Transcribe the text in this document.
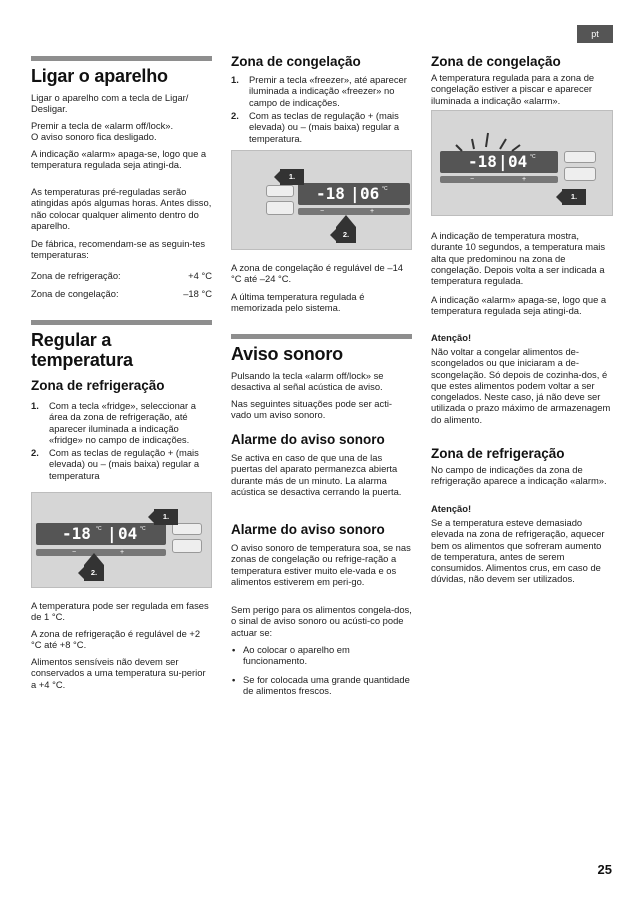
pt
Ligar o aparelho

Ligar o aparelho com a tecla de Ligar/ Desligar.

Premir a tecla de «alarm off/lock».

O aviso sonoro fica desligado.

A indicação «alarm» apaga-se, logo que a temperatura regulada seja atingi-da.

As temperaturas pré-reguladas serão atingidas após algumas horas. Antes disso, não colocar qualquer alimento dentro do aparelho.

De fábrica, recomendam-se as seguin-tes temperaturas:

Zona de refrigeração:	+4 °C
Zona de congelação:	–18 °C
Regular a
temperatura
Zona de refrigeração
1.	Com a tecla «fridge», seleccionar a área da zona de refrigeração, até aparecer iluminada a indicação «fridge» no campo de indicações.
2.	Com as teclas de regulação + (mais elevada) ou – (mais baixa) regular a temperatura
-18 °C | 04 °C
−	+
1.
2.

A temperatura pode ser regulada em fases de 1 °C.

A zona de refrigeração é regulável de +2 °C até +8 °C.

Alimentos sensíveis não devem ser conservados a uma temperatura su-perior a +4 °C.

Zona de congelação
1.	Premir a tecla «freezer», até aparecer iluminada a indicação «freezer» no campo de indicações.
2.	Com as teclas de regulação + (mais elevada) ou – (mais baixa) regular a temperatura.
-18 | 06 °C
−	+
1.
2.

A zona de congelação é regulável de –14 °C até –24 °C.

A última temperatura regulada é memorizada pelo sistema.

Aviso sonoro

Pulsando la tecla «alarm off/lock» se desactiva al señal acústica de aviso.

Nas seguintes situações pode ser acti-vado um aviso sonoro.

Alarme do aviso sonoro

Se activa en caso de que una de las puertas del aparato permanezca abierta durante más de un minuto. La alarma acústica se desactiva cerrando la puerta.

Alarme do aviso sonoro

O aviso sonoro de temperatura soa, se nas zonas de congelação ou refrige-ração a temperatura estiver muito ele-vada e os alimentos estiverem em peri-go.

Sem perigo para os alimentos congela-dos, o sinal de aviso sonoro ou acústi-co pode actuar se:

• Ao colocar o aparelho em funcionamento.
• Se for colocada uma grande quantidade de alimentos frescos.
Zona de congelação

A temperatura regulada para a zona de congelação estiver a piscar e aparecer iluminada a indicação «alarm».

-18 | 04 °C
−	+
1.

A indicação de temperatura mostra, durante 10 segundos, a temperatura mais alta que predominou na zona de congelação. Depois volta a ser indicada a temperatura regulada.

A indicação «alarm» apaga-se, logo que a temperatura regulada seja atingi-da.

Atenção!

Não voltar a congelar alimentos de-scongelados ou que iniciaram a de-scongelação. Só depois de cozinha-dos, é que estes alimentos podem voltar a ser congelados. Neste caso, já não deve ser utilizada o prazo máximo de armazenagem do alimento.

Zona de refrigeração

No campo de indicações da zona de refrigeração aparece a indicação «alarm».

Atenção!

Se a temperatura esteve demasiado elevada na zona de refrigeração, aquecer bem os alimentos que sofreram aumento de temperatura, antes de serem consumidos. Alimentos crus, em caso de dúvidas, não devem ser utilizados.

25
